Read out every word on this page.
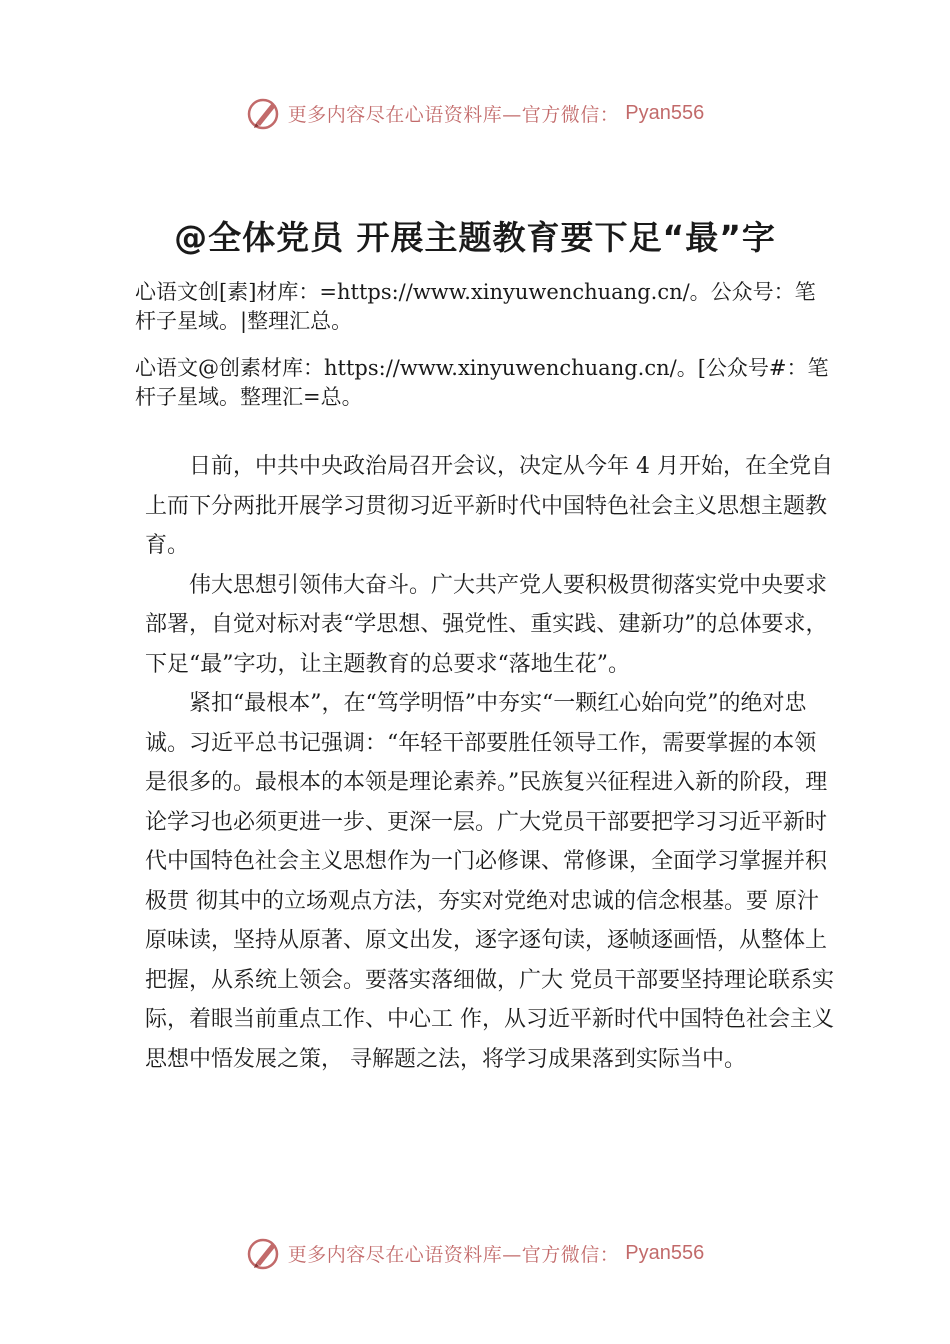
更多内容尽在心语资料库—官方微信： Pyan556
@全体党员 开展主题教育要下足“最”字
心语文创[素]材库：=https://www.xinyuwenchuang.cn/。公众号：笔杆子星域。|整理汇总。
心语文@创素材库：https://www.xinyuwenchuang.cn/。[公众号#：笔杆子星域。整理汇=总。

日前，中共中央政治局召开会议，决定从今年 4 月开始，在全党自上而下分两批开展学习贯彻习近平新时代中国特色社会主义思想主题教育。

伟大思想引领伟大奋斗。广大共产党人要积极贯彻落实党中央要求部署，自觉对标对表“学思想、强党性、重实践、建新功”的总体要求，下足“最”字功，让主题教育的总要求“落地生花”。

紧扣“最根本”，在“笃学明悟”中夯实“一颗红心始向党”的绝对忠诚。习近平总书记强调：“年轻干部要胜任领导工作，需要掌握的本领是很多的。最根本的本领是理论素养。”民族复兴征程进入新的阶段，理论学习也必须更进一步、更深一层。广大党员干部要把学习习近平新时代中国特色社会主义思想作为一门必修课、常修课，全面学习掌握并积极贯 彻其中的立场观点方法，夯实对党绝对忠诚的信念根基。要 原汁原味读，坚持从原著、原文出发，逐字逐句读，逐帧逐画悟，从整体上把握，从系统上领会。要落实落细做，广大 党员干部要坚持理论联系实际，着眼当前重点工作、中心工 作，从习近平新时代中国特色社会主义思想中悟发展之策， 寻解题之法，将学习成果落到实际当中。

更多内容尽在心语资料库—官方微信： Pyan556
